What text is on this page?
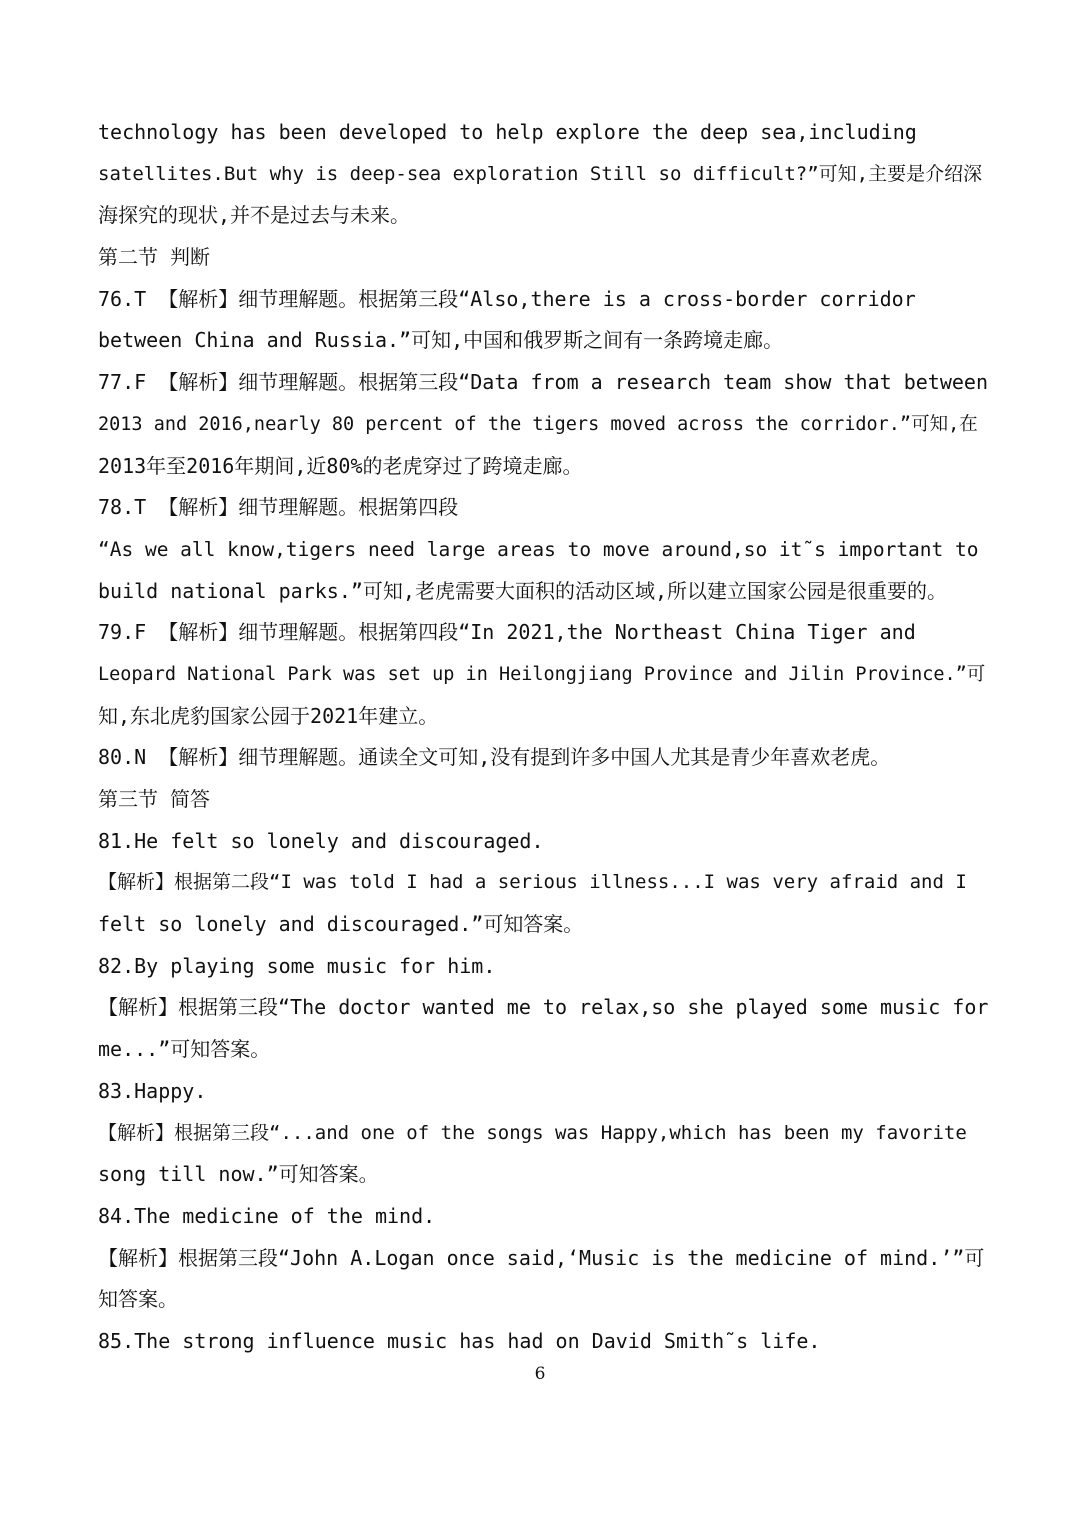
technology has been developed to help explore the deep sea,including
satellites.But why is deep-sea exploration Still so difficult?”可知,主要是介绍深
海探究的现状,并不是过去与未来。
第二节 判断
76.T 【解析】细节理解题。根据第三段“Also,there is a cross-border corridor
between China and Russia.”可知,中国和俄罗斯之间有一条跨境走廊。
77.F 【解析】细节理解题。根据第三段“Data from a research team show that between
2013 and 2016,nearly 80 percent of the tigers moved across the corridor.”可知,在
2013年至2016年期间,近80%的老虎穿过了跨境走廊。
78.T 【解析】细节理解题。根据第四段
“As we all know,tigers need large areas to move around,so it˜s important to
build national parks.”可知,老虎需要大面积的活动区域,所以建立国家公园是很重要的。
79.F 【解析】细节理解题。根据第四段“In 2021,the Northeast China Tiger and
Leopard National Park was set up in Heilongjiang Province and Jilin Province.”可
知,东北虎豹国家公园于2021年建立。
80.N 【解析】细节理解题。通读全文可知,没有提到许多中国人尤其是青少年喜欢老虎。
第三节 简答
81.He felt so lonely and discouraged.
【解析】根据第二段“I was told I had a serious illness...I was very afraid and I
felt so lonely and discouraged.”可知答案。
82.By playing some music for him.
【解析】根据第三段“The doctor wanted me to relax,so she played some music for
me...”可知答案。
83.Happy.
【解析】根据第三段“...and one of the songs was Happy,which has been my favorite
song till now.”可知答案。
84.The medicine of the mind.
【解析】根据第三段“John A.Logan once said,‘Music is the medicine of mind.’”可
知答案。
85.The strong influence music has had on David Smith˜s life.
6
